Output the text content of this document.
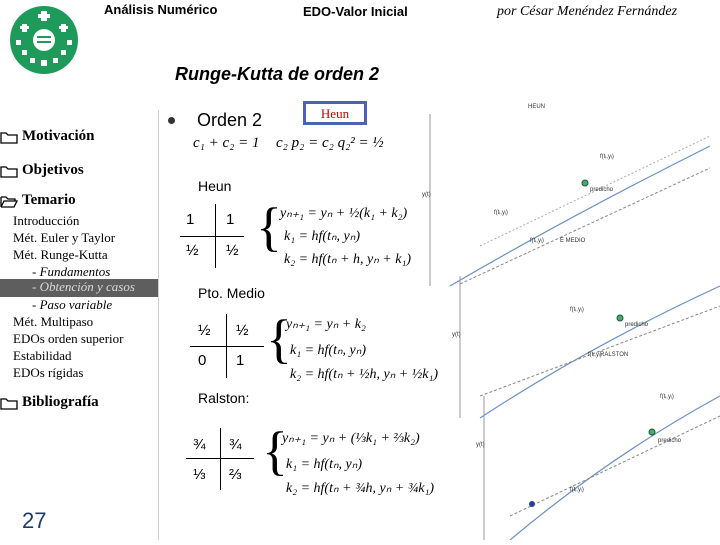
Análisis Numérico	EDO-Valor Inicial	por César Menéndez Fernández
Runge-Kutta de orden 2
Motivación
Objetivos
Temario
Introducción
Mét. Euler y Taylor
Mét. Runge-Kutta
- Fundamentos
- Obtención y casos
- Paso variable
Mét. Multipaso
EDOs orden superior
Estabilidad
EDOs rígidas
Bibliografía
27
Orden 2
c₁ + c₂ = 1 c₂ p₂ = c₂ q₂² = ½
Heun
Heun
1 1
½ ½ {
yₙ₊₁ = yₙ + ½(k₁ + k₂)
k₁ = hf(tₙ, yₙ)
k₂ = hf(tₙ + h, yₙ + k₁)
Pto. Medio
½ ½
0 1 {
yₙ₊₁ = yₙ + k₂
k₁ = hf(tₙ, yₙ)
k₂ = hf(tₙ + ½h, yₙ + ½k₁)
Ralston:
¾ ¾
⅓ ⅔ {
yₙ₊₁ = yₙ + (⅓k₁ + ⅔k₂)
k₁ = hf(tₙ, yₙ)
k₂ = hf(tₙ + ¾h, yₙ + ¾k₁)
y(t)
HEUN
f(tᵢ,yᵢ)
predicho
f(tᵢ,yᵢ)
f(tᵢ,yᵢ)	E MEDIO
y(t)
f(tᵢ,yᵢ)
predicho
f(tᵢ,yᵢ)
RALSTON
y(t)
f(tᵢ,yᵢ)
predicho
f(tᵢ,yᵢ)
